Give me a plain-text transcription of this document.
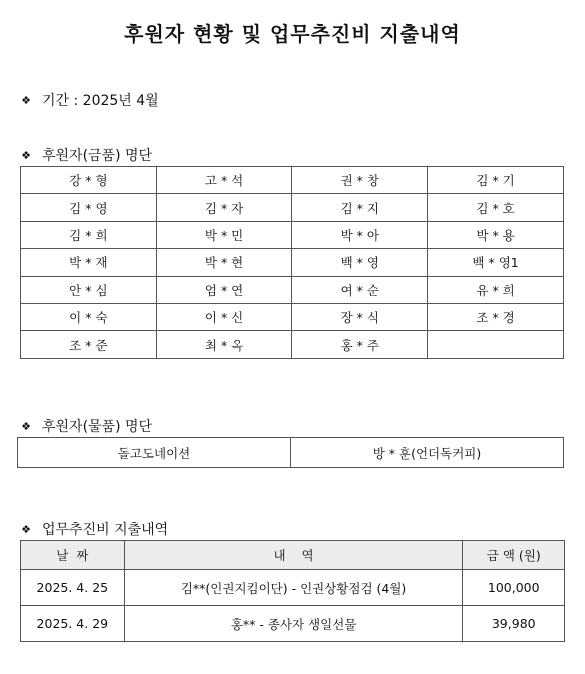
후원자 현황 및 업무추진비 지출내역
❖ 기간 : 2025년 4월
❖ 후원자(금품) 명단
강 * 형	고 * 석	권 * 창	김 * 기
김 * 영	김 * 자	김 * 지	김 * 호
김 * 희	박 * 민	박 * 아	박 * 용
박 * 재	박 * 현	백 * 영	백 * 영1
안 * 심	엄 * 연	여 * 순	유 * 희
이 * 숙	이 * 신	장 * 식	조 * 경
조 * 준	최 * 옥	홍 * 주	
❖ 후원자(물품) 명단
돌고도네이션	방 * 훈(언더독커피)
❖ 업무추진비 지출내역
날  짜	내    역	금 액 (원)
2025. 4. 25	김**(인권지킴이단) - 인권상황점검 (4월)	100,000
2025. 4. 29	홍** - 종사자 생일선물	39,980
